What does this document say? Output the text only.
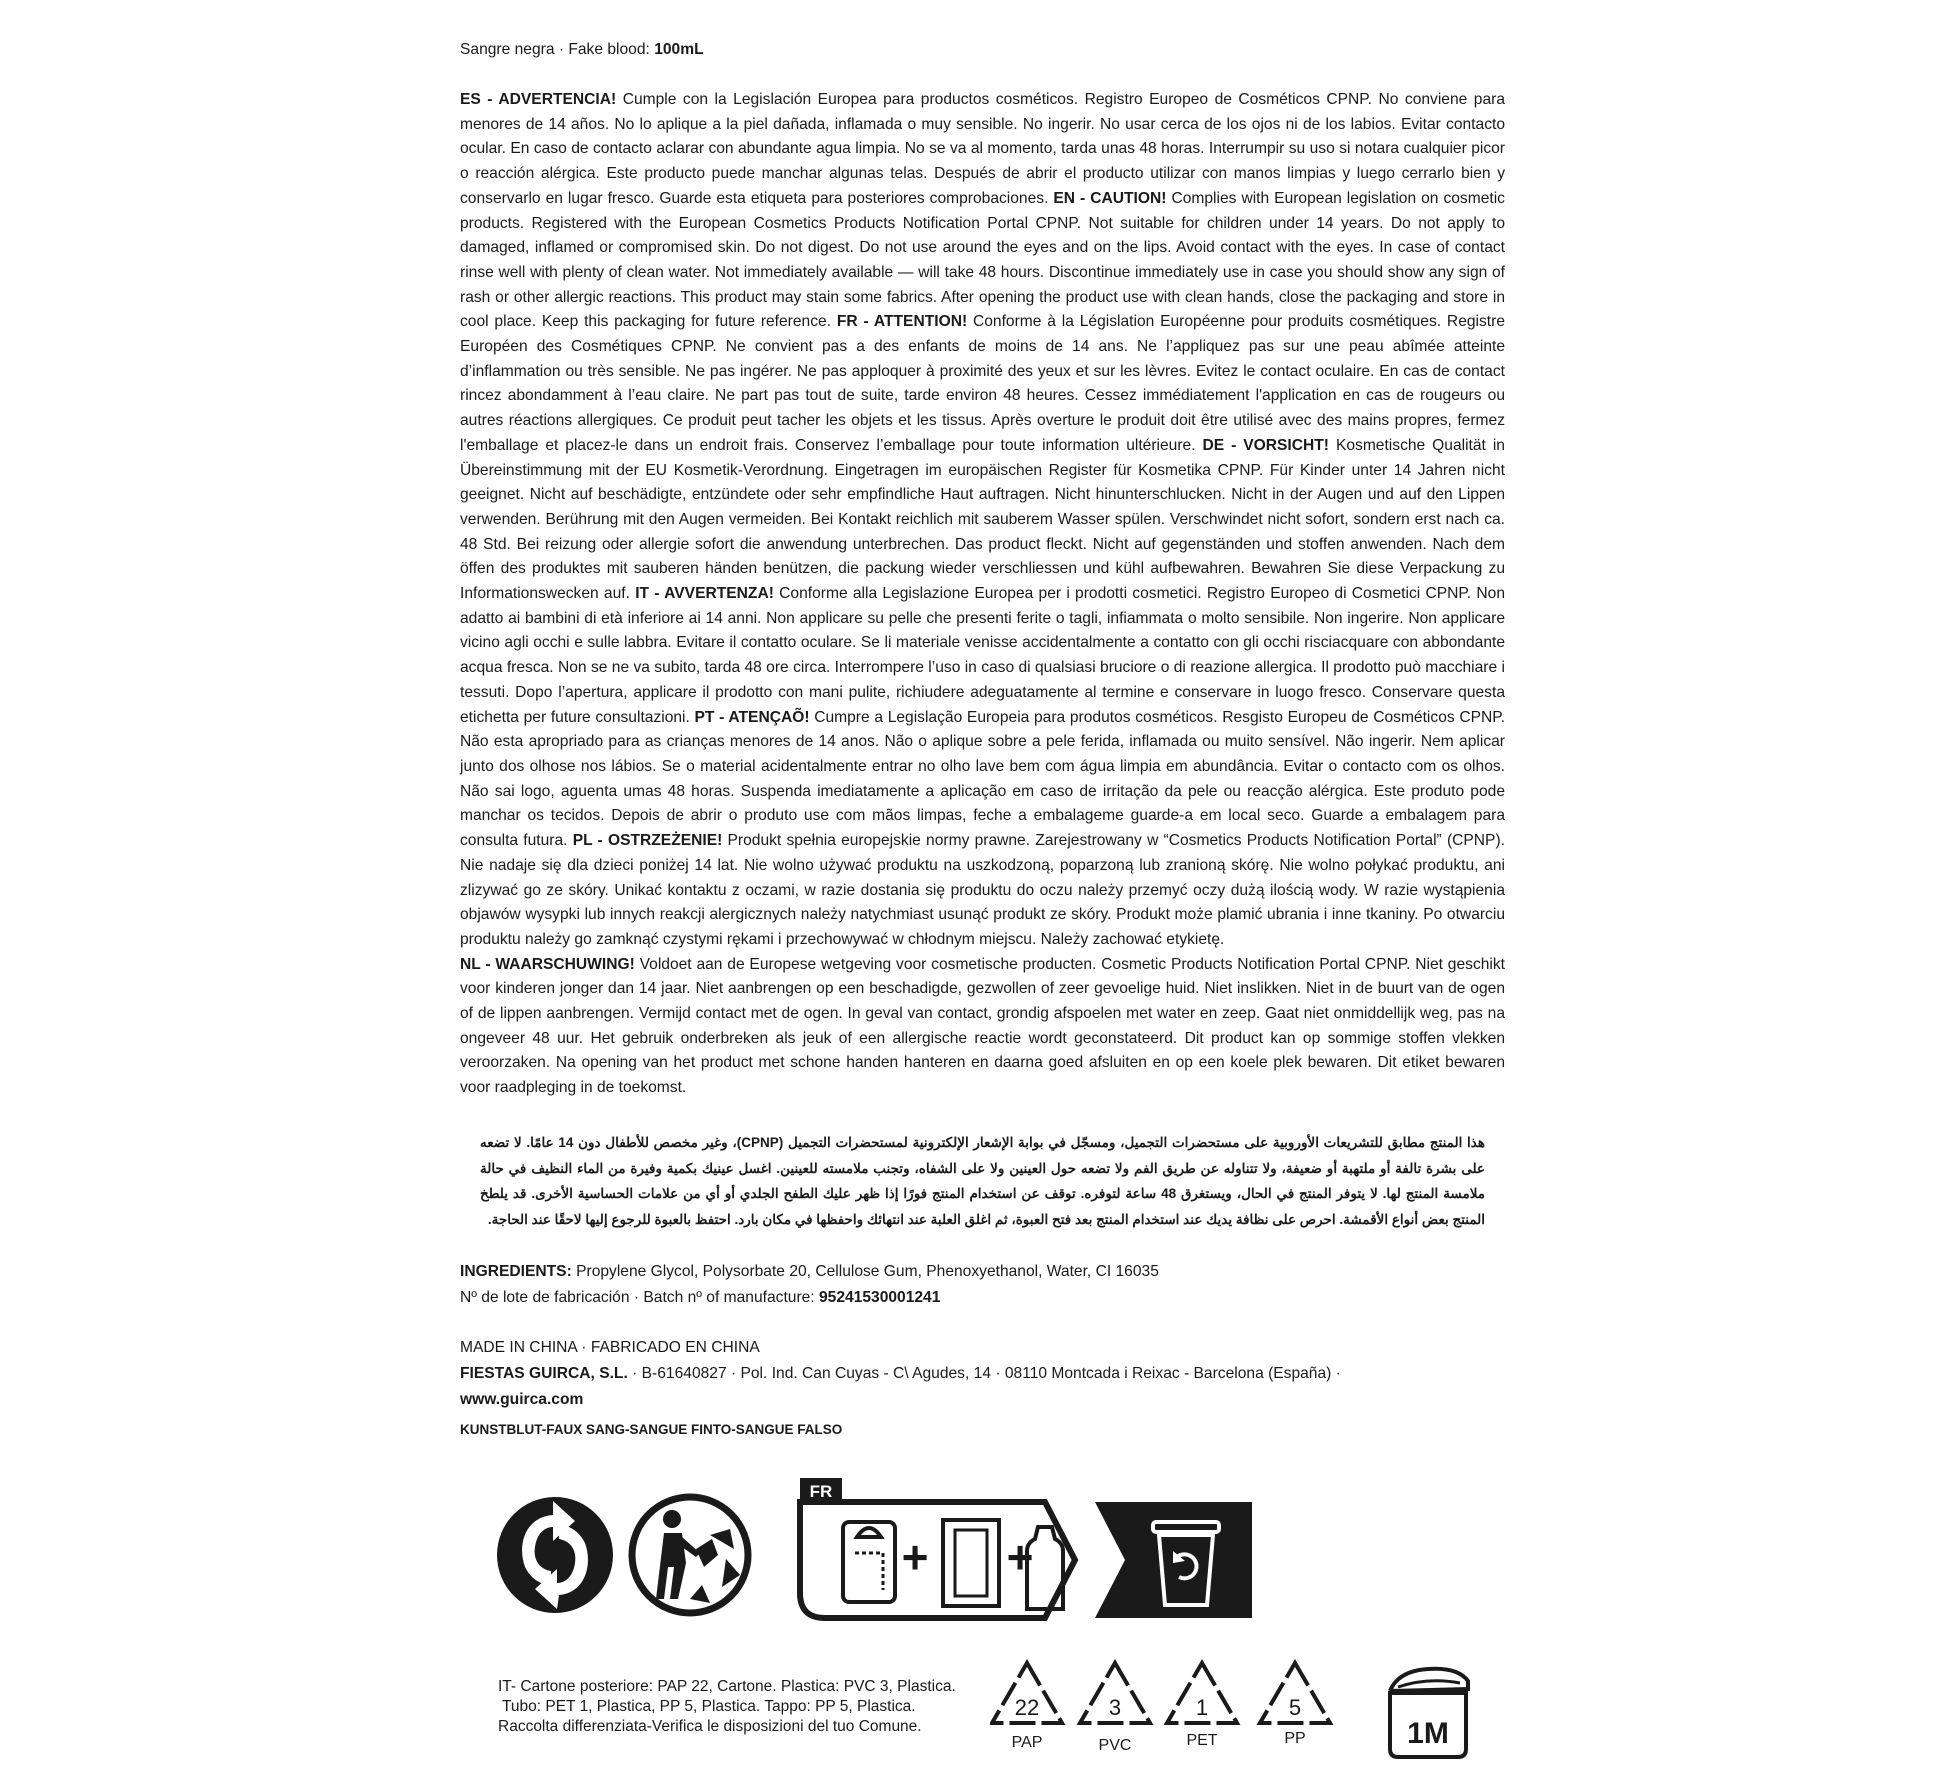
Sangre negra · Fake blood: 100mL

ES - ADVERTENCIA! Cumple con la Legislación Europea para productos cosméticos. Registro Europeo de Cosméticos CPNP. No conviene para menores de 14 años. No lo aplique a la piel dañada, inflamada o muy sensible. No ingerir. No usar cerca de los ojos ni de los labios. Evitar contacto ocular. En caso de contacto aclarar con abundante agua limpia. No se va al momento, tarda unas 48 horas. Interrumpir su uso si notara cualquier picor o reacción alérgica. Este producto puede manchar algunas telas. Después de abrir el producto utilizar con manos limpias y luego cerrarlo bien y conservarlo en lugar fresco. Guarde esta etiqueta para posteriores comprobaciones. EN - CAUTION! Complies with European legislation on cosmetic products. Registered with the European Cosmetics Products Notification Portal CPNP. Not suitable for children under 14 years. Do not apply to damaged, inflamed or compromised skin. Do not digest. Do not use around the eyes and on the lips. Avoid contact with the eyes. In case of contact rinse well with plenty of clean water. Not immediately available — will take 48 hours. Discontinue immediately use in case you should show any sign of rash or other allergic reactions. This product may stain some fabrics. After opening the product use with clean hands, close the packaging and store in cool place. Keep this packaging for future reference. FR - ATTENTION! Conforme à la Législation Européenne pour produits cosmétiques. Registre Européen des Cosmétiques CPNP. Ne convient pas a des enfants de moins de 14 ans. Ne l’appliquez pas sur une peau abîmée atteinte d’inflammation ou très sensible. Ne pas ingérer. Ne pas apploquer à proximité des yeux et sur les lèvres. Evitez le contact oculaire. En cas de contact rincez abondamment à l’eau claire. Ne part pas tout de suite, tarde environ 48 heures. Cessez immédiatement l'application en cas de rougeurs ou autres réactions allergiques. Ce produit peut tacher les objets et les tissus. Après overture le produit doit être utilisé avec des mains propres, fermez l'emballage et placez-le dans un endroit frais. Conservez l’emballage pour toute information ultérieure. DE - VORSICHT! Kosmetische Qualität in Übereinstimmung mit der EU Kosmetik-Verordnung. Eingetragen im europäischen Register für Kosmetika CPNP. Für Kinder unter 14 Jahren nicht geeignet. Nicht auf beschädigte, entzündete oder sehr empfindliche Haut auftragen. Nicht hinunterschlucken. Nicht in der Augen und auf den Lippen verwenden. Berührung mit den Augen vermeiden. Bei Kontakt reichlich mit sauberem Wasser spülen. Verschwindet nicht sofort, sondern erst nach ca. 48 Std. Bei reizung oder allergie sofort die anwendung unterbrechen. Das product fleckt. Nicht auf gegenständen und stoffen anwenden. Nach dem öffen des produktes mit sauberen händen benützen, die packung wieder verschliessen und kühl aufbewahren. Bewahren Sie diese Verpackung zu Informationswecken auf. IT - AVVERTENZA! Conforme alla Legislazione Europea per i prodotti cosmetici. Registro Europeo di Cosmetici CPNP. Non adatto ai bambini di età inferiore ai 14 anni. Non applicare su pelle che presenti ferite o tagli, infiammata o molto sensibile. Non ingerire. Non applicare vicino agli occhi e sulle labbra. Evitare il contatto oculare. Se li materiale venisse accidentalmente a contatto con gli occhi risciacquare con abbondante acqua fresca. Non se ne va subito, tarda 48 ore circa. Interrompere l’uso in caso di qualsiasi bruciore o di reazione allergica. Il prodotto può macchiare i tessuti. Dopo l’apertura, applicare il prodotto con mani pulite, richiudere adeguatamente al termine e conservare in luogo fresco. Conservare questa etichetta per future consultazioni. PT - ATENÇAÕ! Cumpre a Legislação Europeia para produtos cosméticos. Resgisto Europeu de Cosméticos CPNP. Não esta apropriado para as crianças menores de 14 anos. Não o aplique sobre a pele ferida, inflamada ou muito sensível. Não ingerir. Nem aplicar junto dos olhose nos lábios. Se o material acidentalmente entrar no olho lave bem com água limpia em abundância. Evitar o contacto com os olhos. Não sai logo, aguenta umas 48 horas. Suspenda imediatamente a aplicação em caso de irritação da pele ou reacção alérgica. Este produto pode manchar os tecidos. Depois de abrir o produto use com mãos limpas, feche a embalageme guarde-a em local seco. Guarde a embalagem para consulta futura. PL - OSTRZEŻENIE! Produkt spełnia europejskie normy prawne. Zarejestrowany w “Cosmetics Products Notification Portal” (CPNP). Nie nadaje się dla dzieci poniżej 14 lat. Nie wolno używać produktu na uszkodzoną, poparzoną lub zranioną skórę. Nie wolno połykać produktu, ani zlizywać go ze skóry. Unikać kontaktu z oczami, w razie dostania się produktu do oczu należy przemyć oczy dużą ilością wody. W razie wystąpienia objawów wysypki lub innych reakcji alergicznych należy natychmiast usunąć produkt ze skóry. Produkt może plamić ubrania i inne tkaniny. Po otwarciu produktu należy go zamknąć czystymi rękami i przechowywać w chłodnym miejscu. Należy zachować etykietę.
NL - WAARSCHUWING! Voldoet aan de Europese wetgeving voor cosmetische producten. Cosmetic Products Notification Portal CPNP. Niet geschikt voor kinderen jonger dan 14 jaar. Niet aanbrengen op een beschadigde, gezwollen of zeer gevoelige huid. Niet inslikken. Niet in de buurt van de ogen of de lippen aanbrengen. Vermijd contact met de ogen. In geval van contact, grondig afspoelen met water en zeep. Gaat niet onmiddellijk weg, pas na ongeveer 48 uur. Het gebruik onderbreken als jeuk of een allergische reactie wordt geconstateerd. Dit product kan op sommige stoffen vlekken veroorzaken. Na opening van het product met schone handen hanteren en daarna goed afsluiten en op een koele plek bewaren. Dit etiket bewaren voor raadpleging in de toekomst.
هذا المنتج مطابق للتشريعات الأوروبية على مستحضرات التجميل، ومسجّل في بوابة الإشعار الإلكترونية لمستحضرات التجميل (CPNP)، وغير مخصص للأطفال دون 14 عامًا. لا تضعه على بشرة تالفة أو ملتهبة أو ضعيفة، ولا تتناوله عن طريق الفم ولا تضعه حول العينين ولا على الشفاه، وتجنب ملامسته للعينين. اغسل عينيك بكمية وفيرة من الماء النظيف في حالة ملامسة المنتج لها. لا يتوفر المنتج في الحال، ويستغرق 48 ساعة لتوفره. توقف عن استخدام المنتج فورًا إذا ظهر عليك الطفح الجلدي أو أي من علامات الحساسية الأخرى. قد يلطخ المنتج بعض أنواع الأقمشة. احرص على نظافة يديك عند استخدام المنتج بعد فتح العبوة، ثم اغلق العلبة عند انتهائك واحفظها في مكان بارد. احتفظ بالعبوة للرجوع إليها لاحقًا عند الحاجة.

INGREDIENTS: Propylene Glycol, Polysorbate 20, Cellulose Gum, Phenoxyethanol, Water, CI 16035

Nº de lote de fabricación · Batch nº of manufacture: 95241530001241

MADE IN CHINA · FABRICADO EN CHINA

FIESTAS GUIRCA, S.L. · B-61640827 · Pol. Ind. Can Cuyas - C\ Agudes, 14 · 08110 Montcada i Reixac - Barcelona (España) ·

www.guirca.com

KUNSTBLUT-FAUX SANG-SANGUE FINTO-SANGUE FALSO

FR
+ +
IT- Cartone posteriore: PAP 22, Cartone. Plastica: PVC 3, Plastica.
Tubo: PET 1, Plastica, PP 5, Plastica. Tappo: PP 5, Plastica.
Raccolta differenziata-Verifica le disposizioni del tuo Comune.
22
PAP
3
PVC
1
PET
5
PP	1M
